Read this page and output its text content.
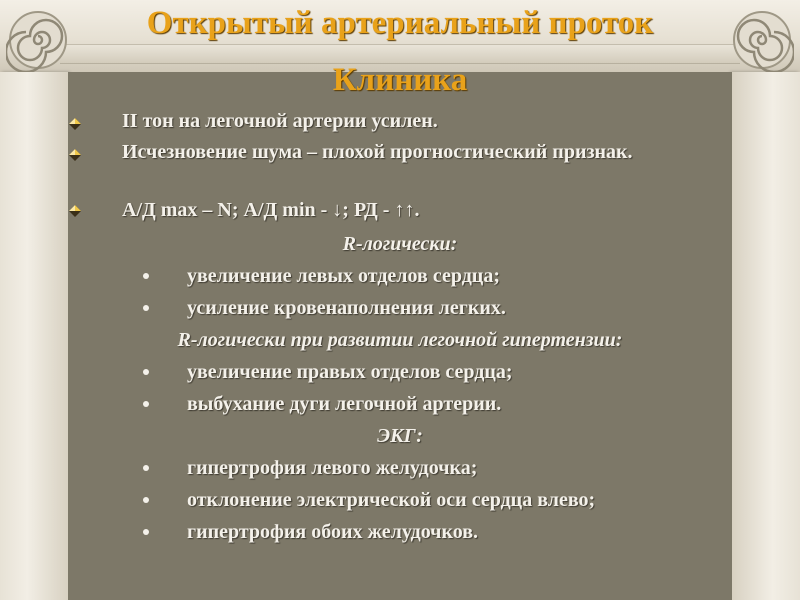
Открытый артериальный проток
Клиника
II тон на легочной артерии усилен.
Исчезновение шума – плохой прогностический признак.
А/Д max – N; А/Д min - ↓; РД - ↑↑.
R-логически:
увеличение левых отделов сердца;
усиление кровенаполнения легких.
R-логически при развитии легочной гипертензии:
увеличение правых отделов сердца;
выбухание дуги легочной артерии.
ЭКГ:
гипертрофия левого желудочка;
отклонение электрической оси сердца влево;
гипертрофия обоих желудочков.
